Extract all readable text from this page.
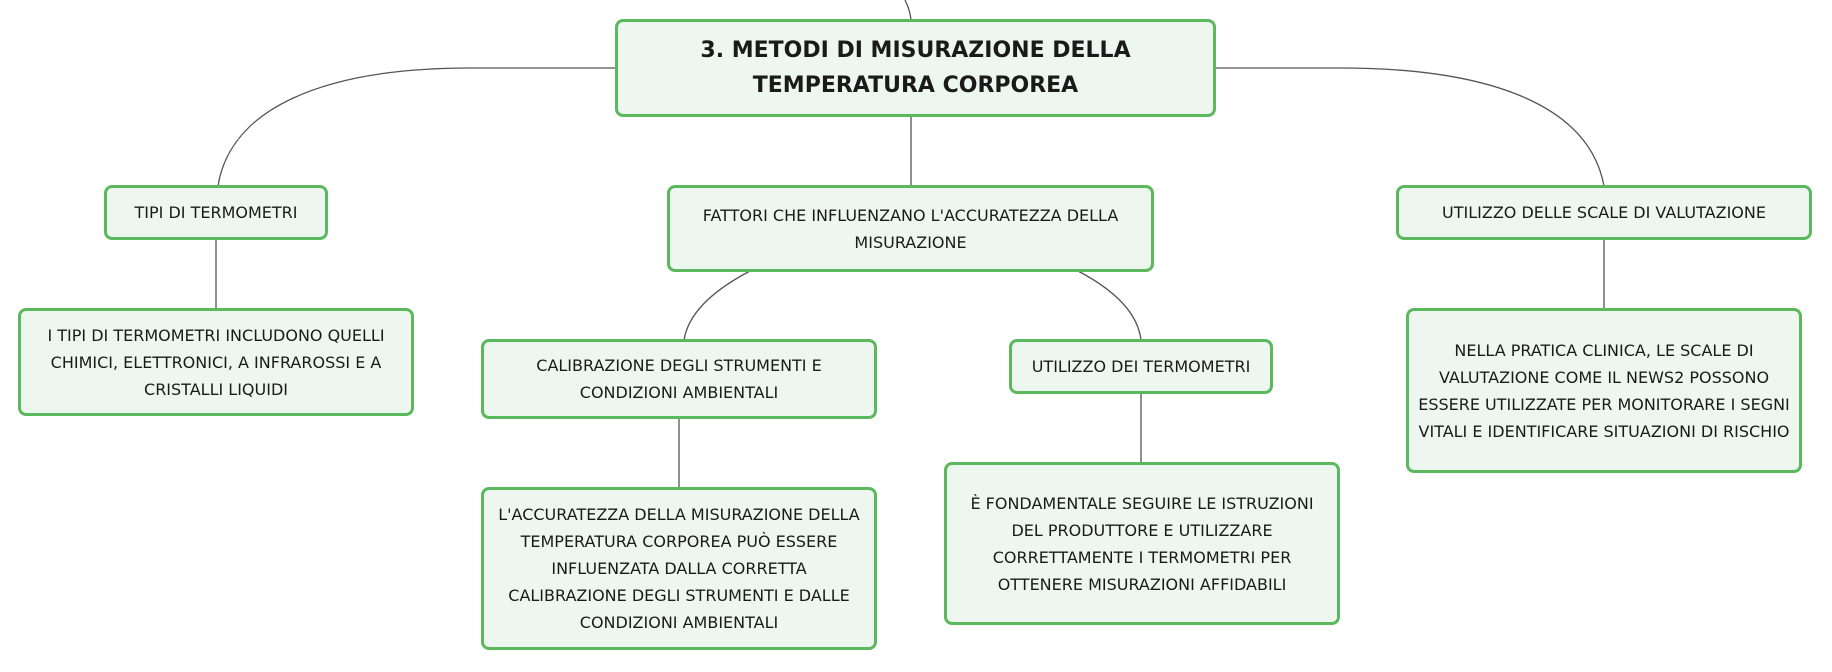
3. METODI DI MISURAZIONE DELLA TEMPERATURA CORPOREA
TIPI DI TERMOMETRI	FATTORI CHE INFLUENZANO L'ACCURATEZZA DELLA MISURAZIONE
UTILIZZO DELLE SCALE DI VALUTAZIONE
I TIPI DI TERMOMETRI INCLUDONO QUELLI CHIMICI, ELETTRONICI, A INFRAROSSI E A CRISTALLI LIQUIDI
CALIBRAZIONE DEGLI STRUMENTI E CONDIZIONI AMBIENTALI
UTILIZZO DEI TERMOMETRI
NELLA PRATICA CLINICA, LE SCALE DI VALUTAZIONE COME IL NEWS2 POSSONO ESSERE UTILIZZATE PER MONITORARE I SEGNI VITALI E IDENTIFICARE SITUAZIONI DI RISCHIO
È FONDAMENTALE SEGUIRE LE ISTRUZIONI DEL PRODUTTORE E UTILIZZARE CORRETTAMENTE I TERMOMETRI PER OTTENERE MISURAZIONI AFFIDABILI
L'ACCURATEZZA DELLA MISURAZIONE DELLA TEMPERATURA CORPOREA PUÒ ESSERE INFLUENZATA DALLA CORRETTA CALIBRAZIONE DEGLI STRUMENTI E DALLE CONDIZIONI AMBIENTALI
